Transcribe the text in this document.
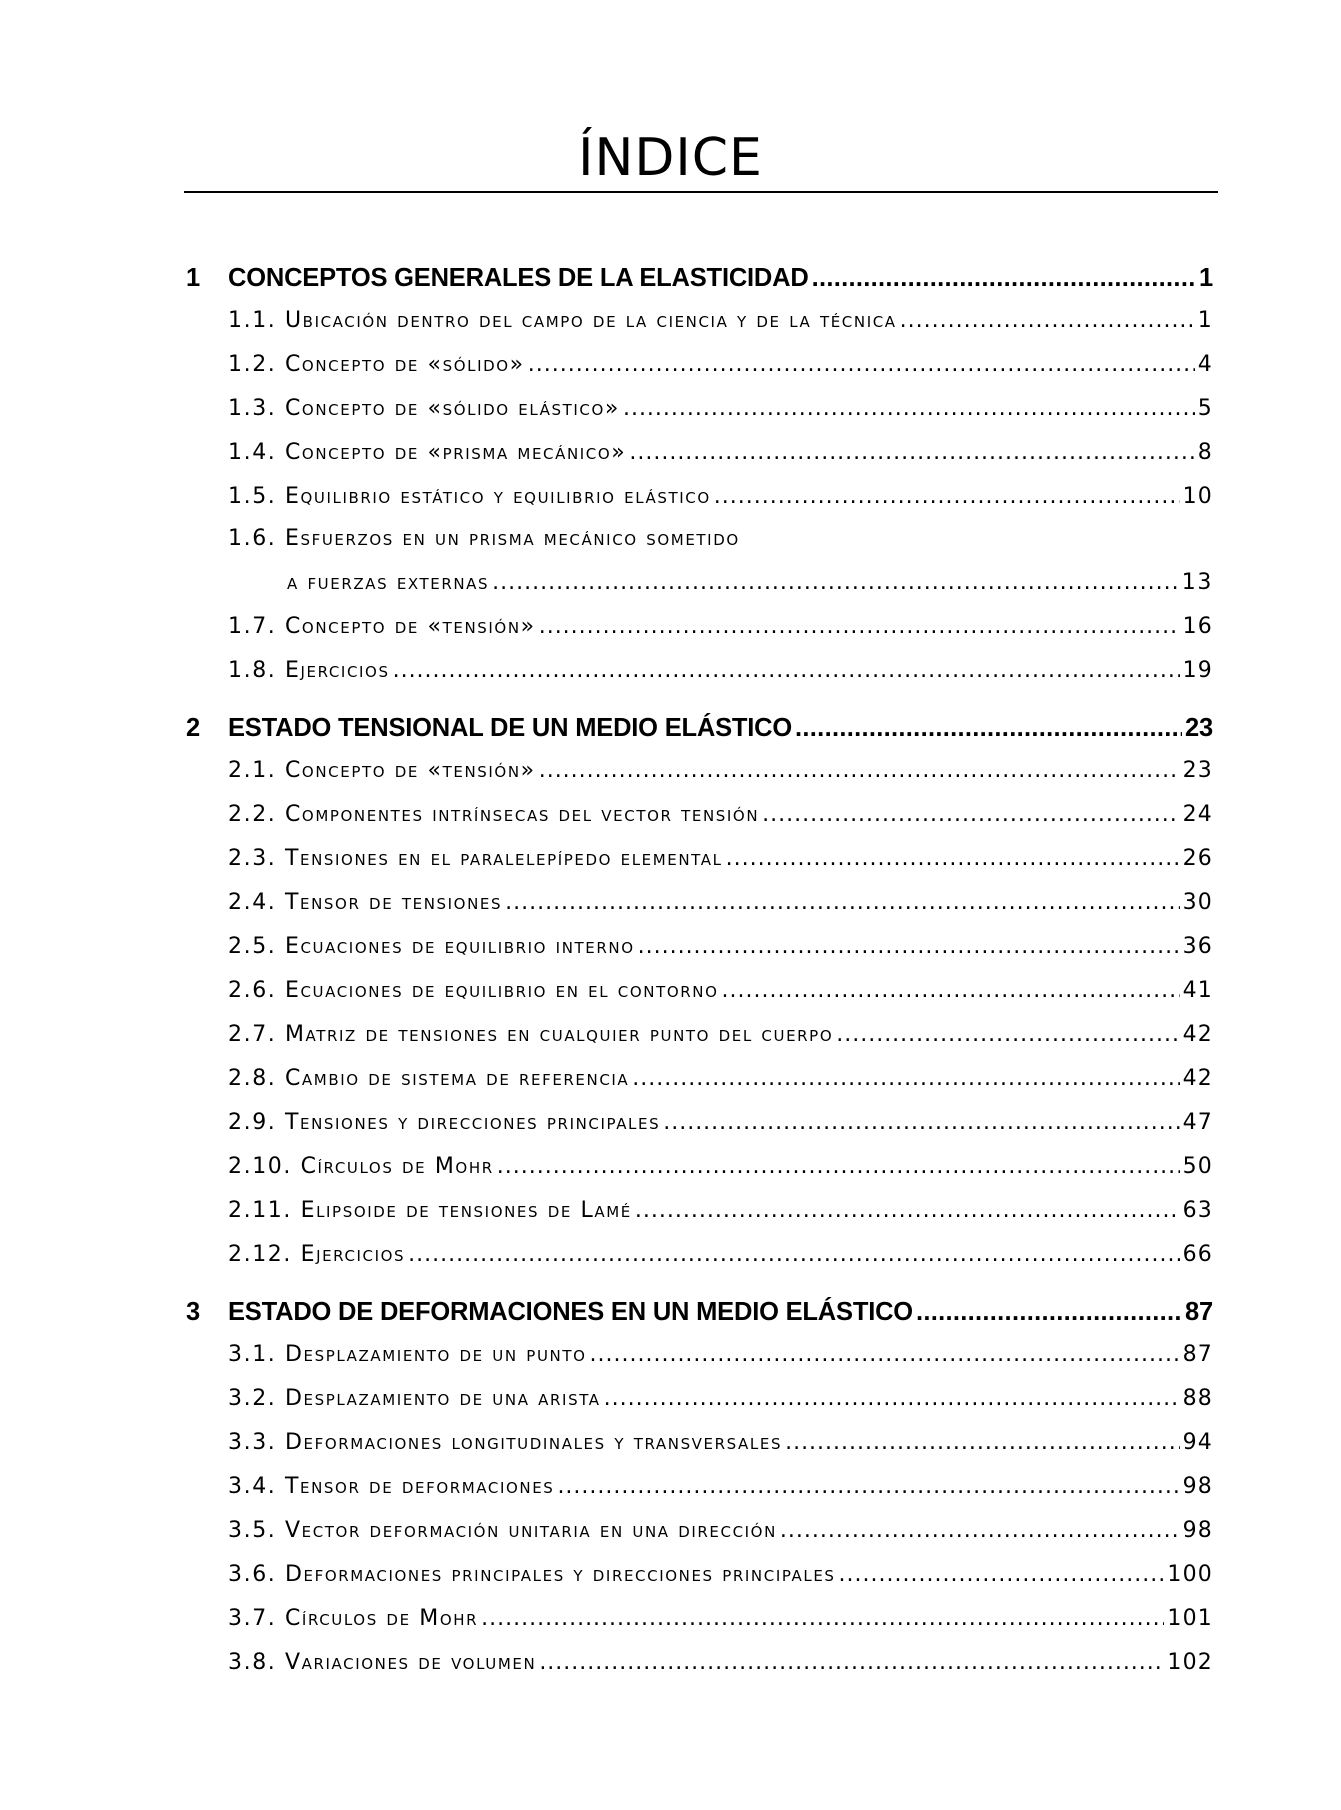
ÍNDICE
1 CONCEPTOS GENERALES DE LA ELASTICIDAD .....	1
1.1. Ubicación dentro del campo de la ciencia y de la técnica .....	1
1.2. Concepto de «sólido» .....	4
1.3. Concepto de «sólido elástico» .....	5
1.4. Concepto de «prisma mecánico» .....	8
1.5. Equilibrio estático y equilibrio elástico .....	10
1.6. Esfuerzos en un prisma mecánico sometido
a fuerzas externas .....	13
1.7. Concepto de «tensión» .....	16
1.8. Ejercicios .....	19
2 ESTADO TENSIONAL DE UN MEDIO ELÁSTICO .....	23
2.1. Concepto de «tensión» .....	23
2.2. Componentes intrínsecas del vector tensión .....	24
2.3. Tensiones en el paralelepípedo elemental .....	26
2.4. Tensor de tensiones .....	30
2.5. Ecuaciones de equilibrio interno .....	36
2.6. Ecuaciones de equilibrio en el contorno .....	41
2.7. Matriz de tensiones en cualquier punto del cuerpo .....	42
2.8. Cambio de sistema de referencia .....	42
2.9. Tensiones y direcciones principales .....	47
2.10. Círculos de Mohr .....	50
2.11. Elipsoide de tensiones de Lamé .....	63
2.12. Ejercicios .....	66
3 ESTADO DE DEFORMACIONES EN UN MEDIO ELÁSTICO .....	87
3.1. Desplazamiento de un punto .....	87
3.2. Desplazamiento de una arista .....	88
3.3. Deformaciones longitudinales y transversales .....	94
3.4. Tensor de deformaciones .....	98
3.5. Vector deformación unitaria en una dirección .....	98
3.6. Deformaciones principales y direcciones principales .....	100
3.7. Círculos de Mohr .....	101
3.8. Variaciones de volumen .....	102
